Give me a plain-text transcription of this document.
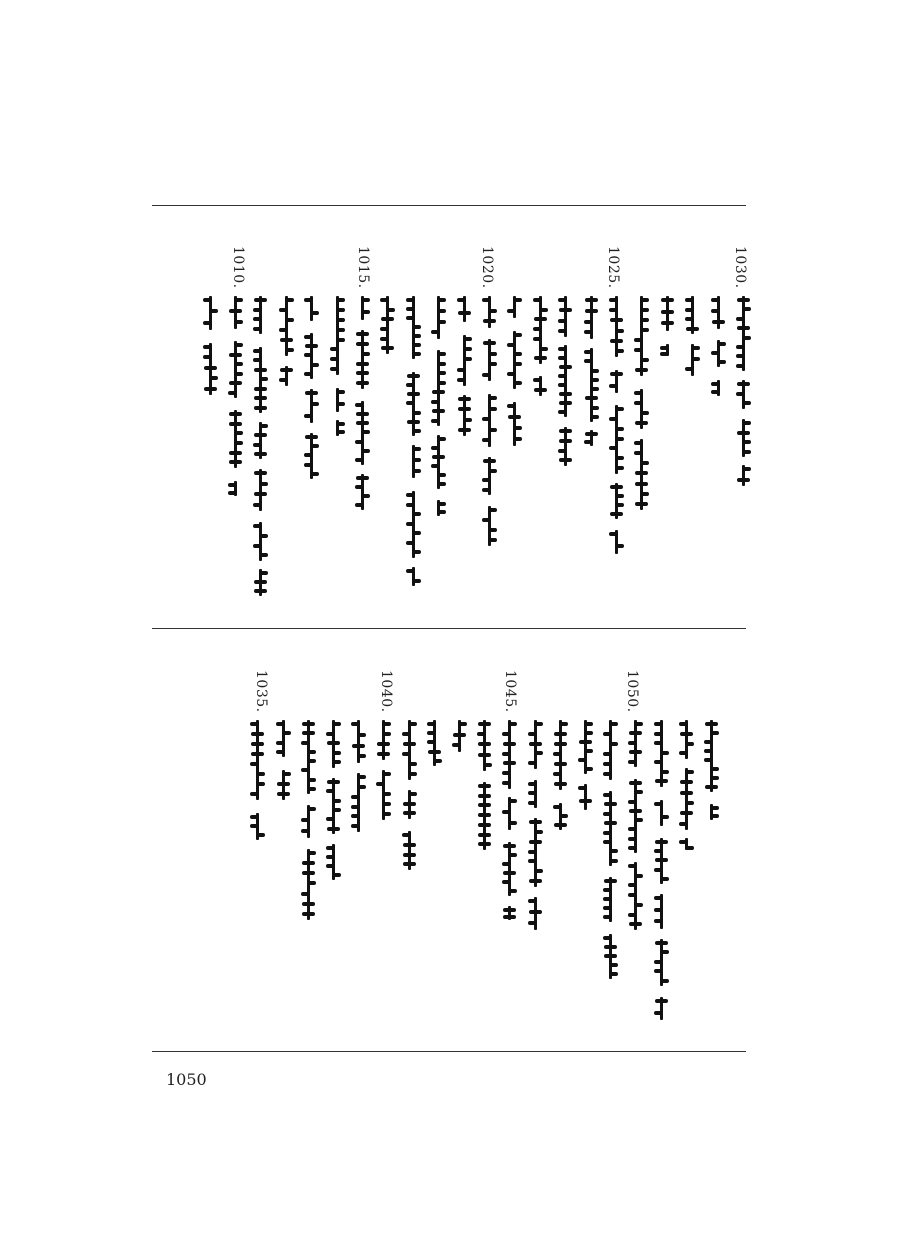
1030.
1025.
1020.
1015.
1010.
1050.
1045.
1040.
1035.
1050
